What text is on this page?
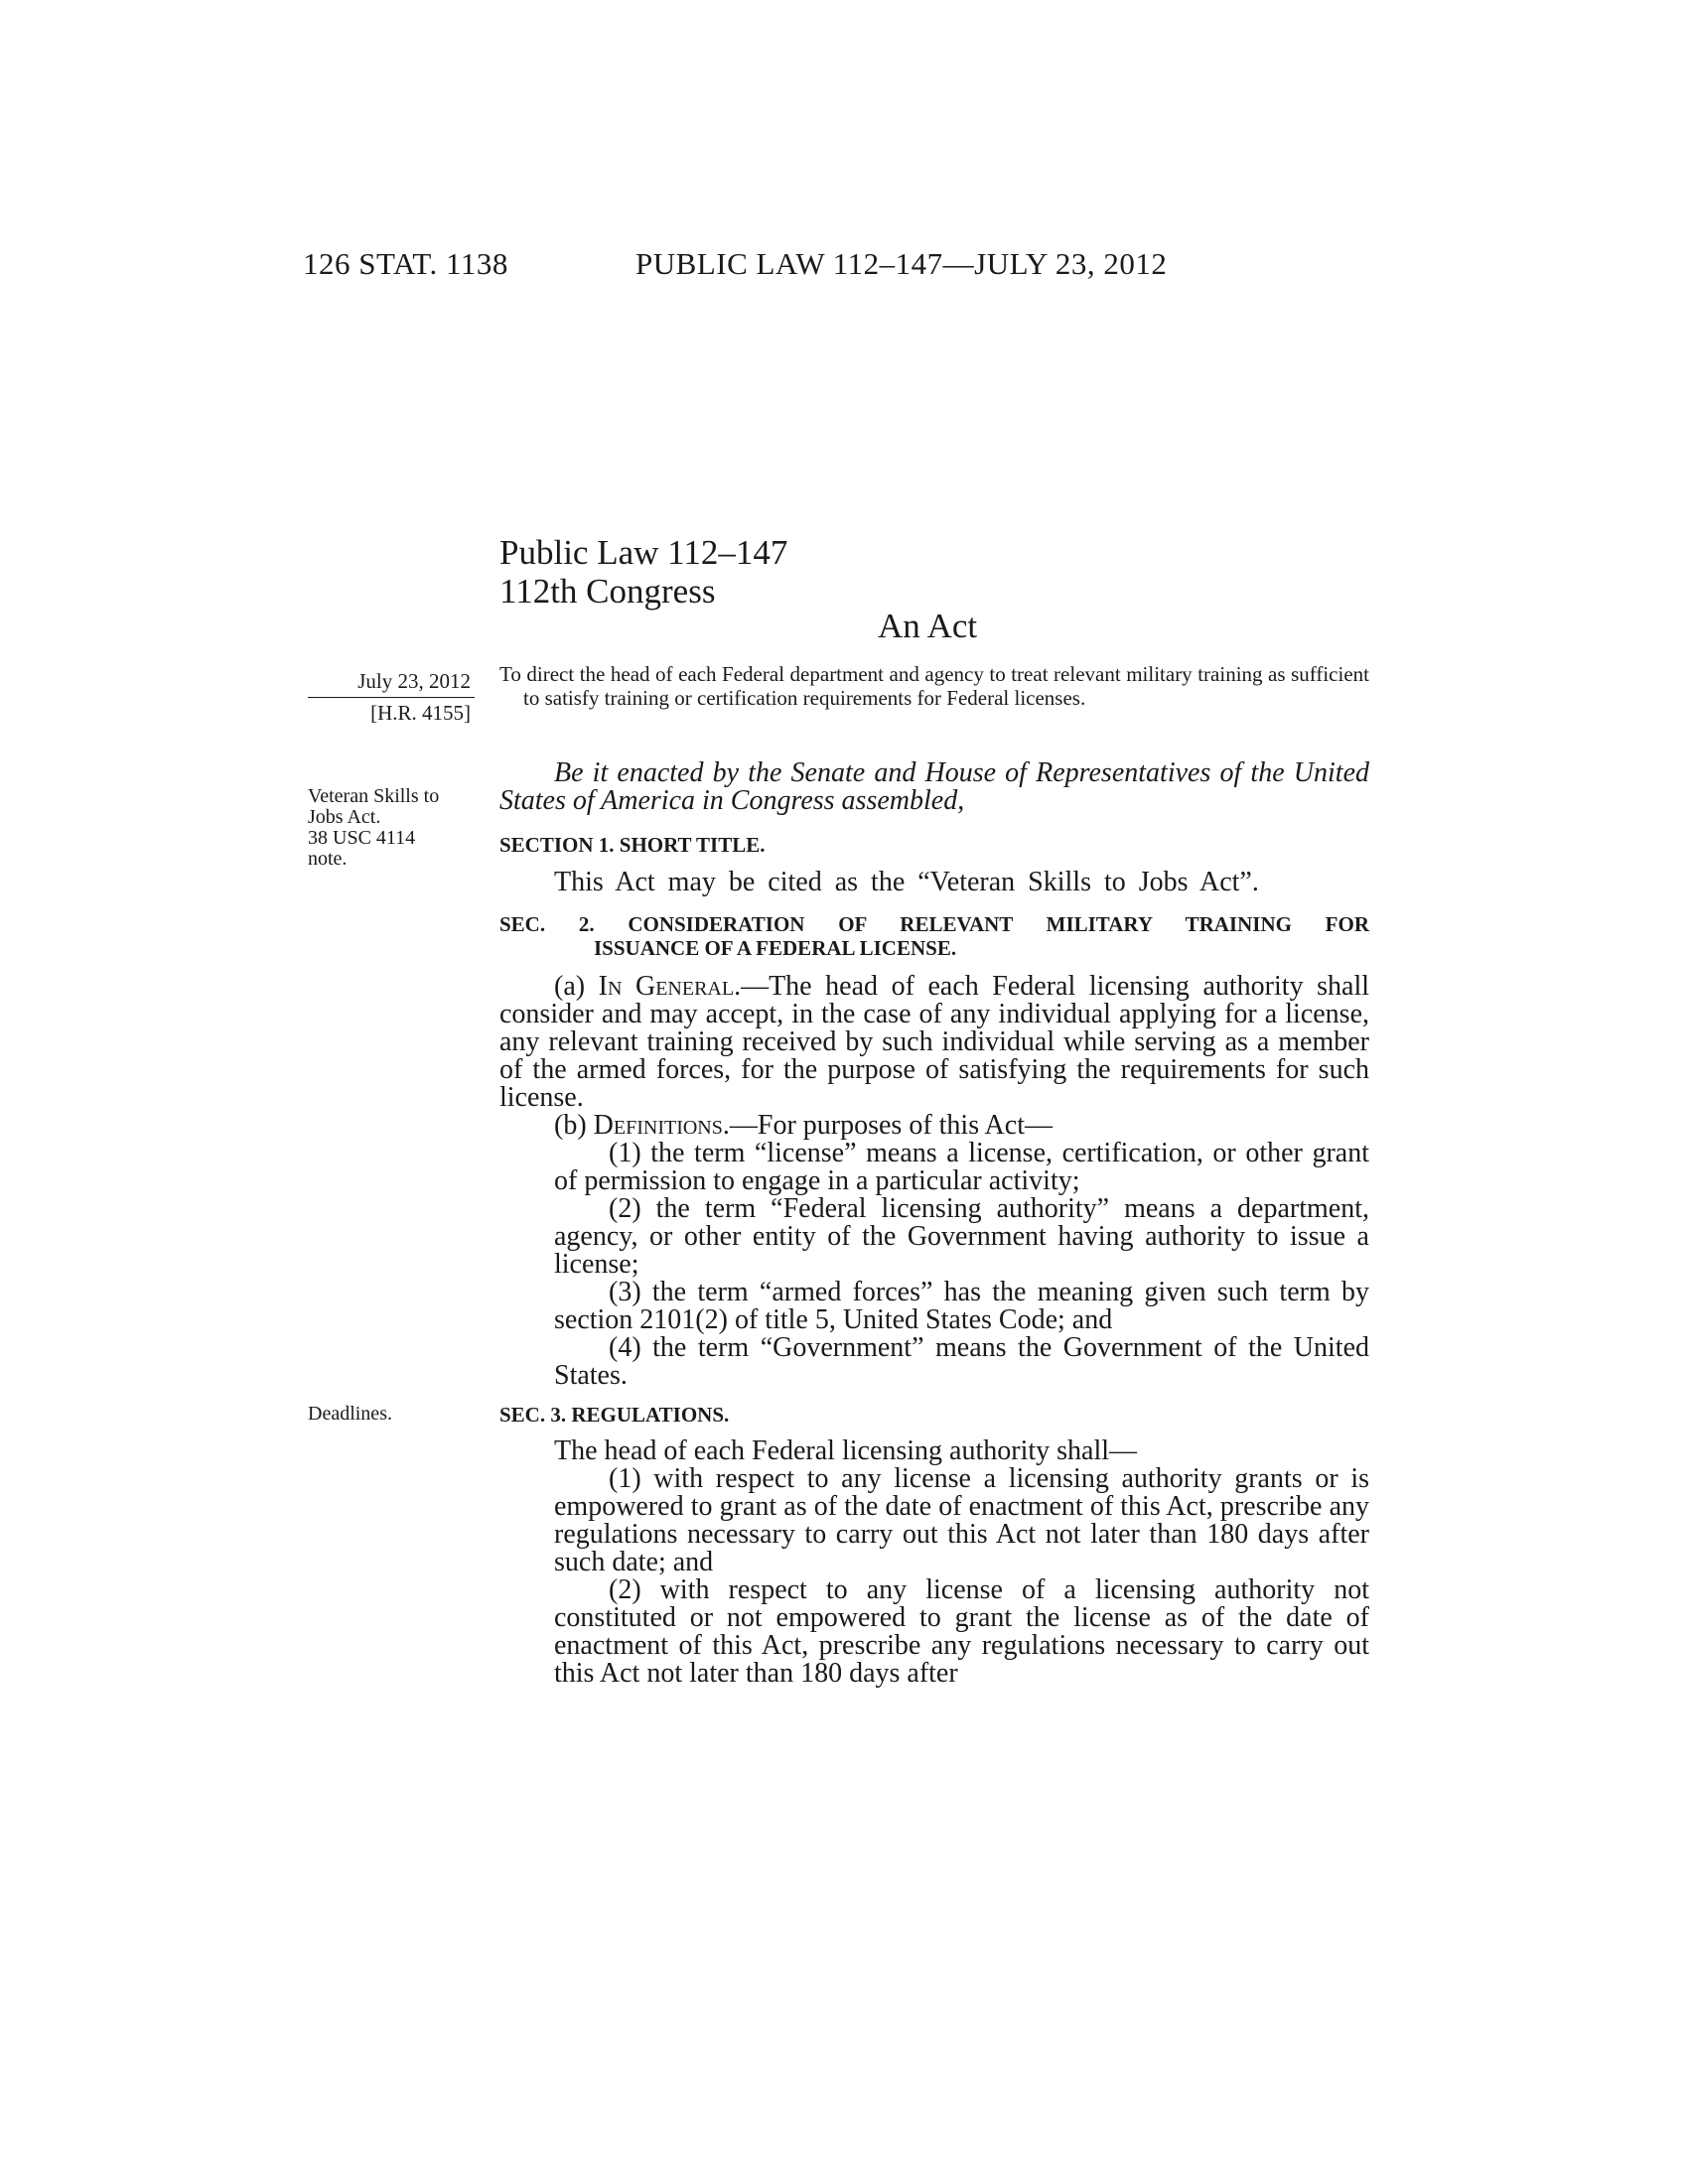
126 STAT. 1138	PUBLIC LAW 112–147—JULY 23, 2012
Public Law 112–147
112th Congress
An Act
July 23, 2012
[H.R. 4155]
Veteran Skills to
Jobs Act.
38 USC 4114
note.
Deadlines.
To direct the head of each Federal department and agency to treat relevant military training as sufficient to satisfy training or certification requirements for Federal licenses.
Be it enacted by the Senate and House of Representatives of the United States of America in Congress assembled,
SECTION 1. SHORT TITLE.
This Act may be cited as the “Veteran Skills to Jobs Act”.
SEC. 2. CONSIDERATION OF RELEVANT MILITARY TRAINING FOR
ISSUANCE OF A FEDERAL LICENSE.

(a) In General.—The head of each Federal licensing authority shall consider and may accept, in the case of any individual applying for a license, any relevant training received by such individual while serving as a member of the armed forces, for the purpose of satisfying the requirements for such license.

(b) Definitions.—For purposes of this Act—

(1) the term “license” means a license, certification, or other grant of permission to engage in a particular activity;

(2) the term “Federal licensing authority” means a department, agency, or other entity of the Government having authority to issue a license;

(3) the term “armed forces” has the meaning given such term by section 2101(2) of title 5, United States Code; and

(4) the term “Government” means the Government of the United States.

SEC. 3. REGULATIONS.

The head of each Federal licensing authority shall—

(1) with respect to any license a licensing authority grants or is empowered to grant as of the date of enactment of this Act, prescribe any regulations necessary to carry out this Act not later than 180 days after such date; and

(2) with respect to any license of a licensing authority not constituted or not empowered to grant the license as of the date of enactment of this Act, prescribe any regulations necessary to carry out this Act not later than 180 days after
